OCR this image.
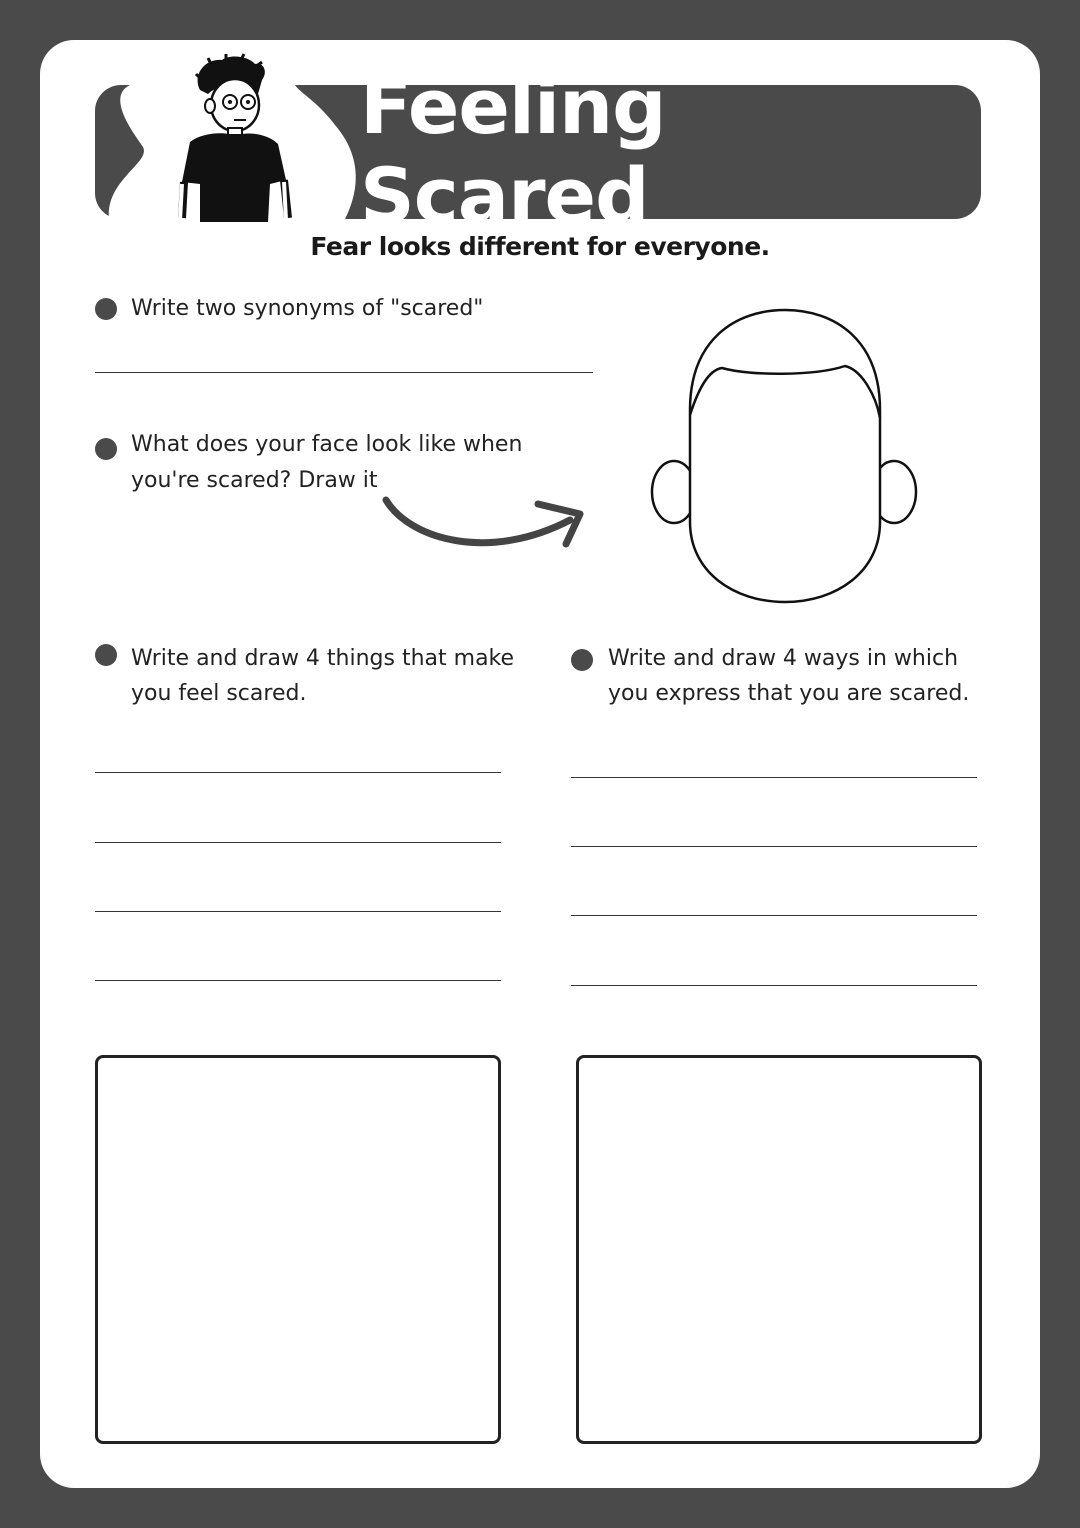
Feeling Scared
Fear looks different for everyone.
Write two synonyms of "scared"
What does your face look like when
you're scared? Draw it
Write and draw 4 things that make
you feel scared.
Write and draw 4 ways in which
you express that you are scared.
